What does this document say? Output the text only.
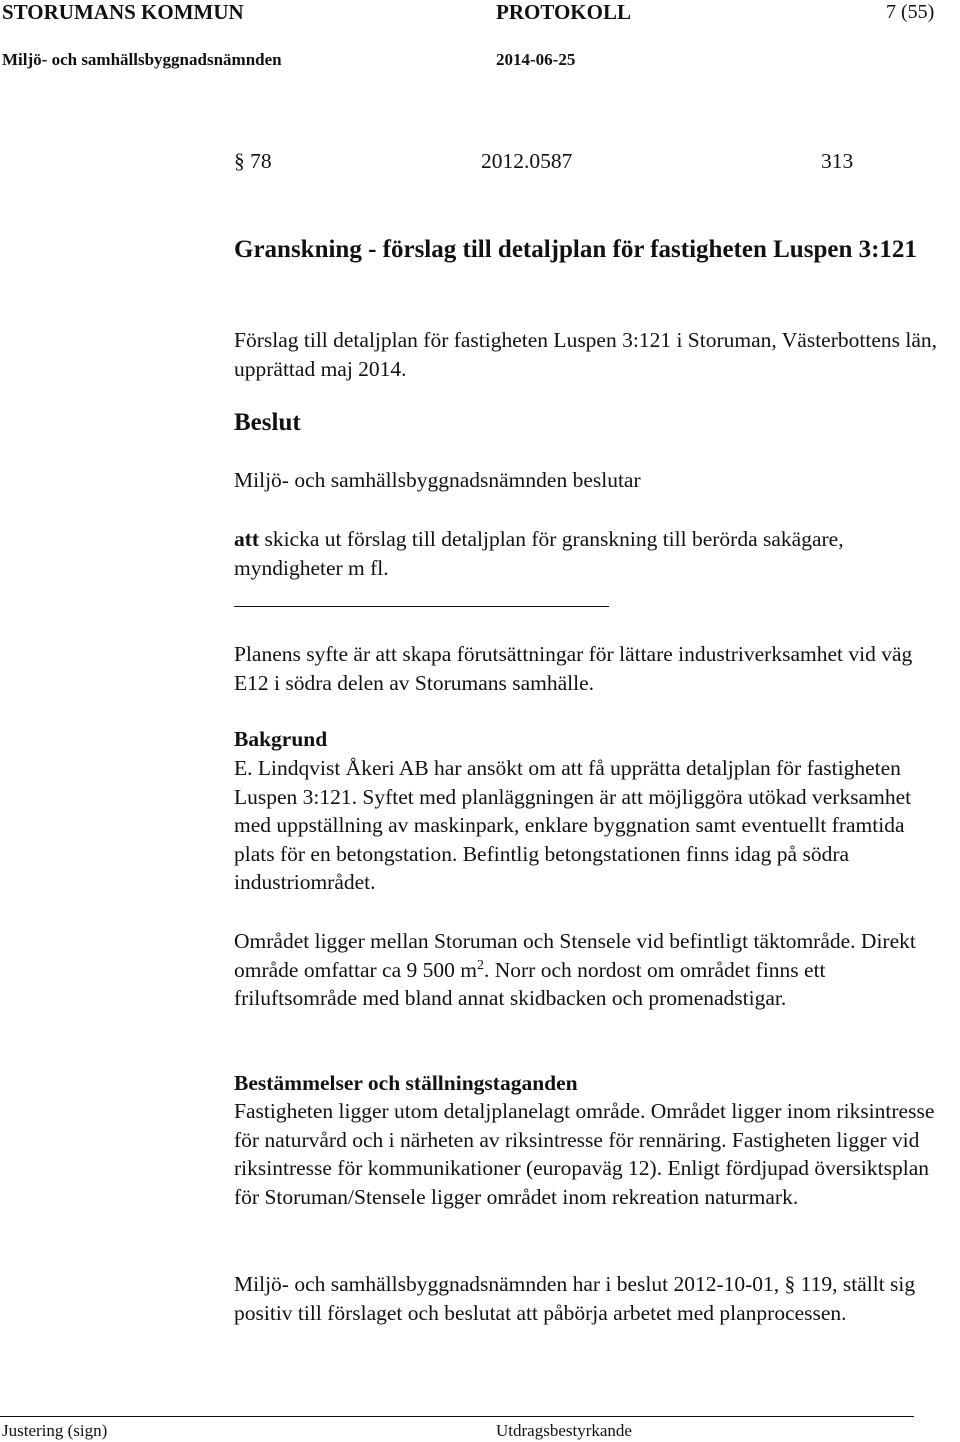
STORUMANS KOMMUN	PROTOKOLL	7 (55)
Miljö- och samhällsbyggnadsnämnden	2014-06-25
§ 78	2012.0587	313

Granskning - förslag till detaljplan för fastigheten Luspen 3:121

Förslag till detaljplan för fastigheten Luspen 3:121 i Storuman, Västerbottens län, upprättad maj 2014.

Beslut

Miljö- och samhällsbyggnadsnämnden beslutar

att skicka ut förslag till detaljplan för granskning till berörda sakägare, myndigheter m fl.

Planens syfte är att skapa förutsättningar för lättare industriverksamhet vid väg E12 i södra delen av Storumans samhälle.

Bakgrund

E. Lindqvist Åkeri AB har ansökt om att få upprätta detaljplan för fastigheten Luspen 3:121. Syftet med planläggningen är att möjliggöra utökad verksamhet med uppställning av maskinpark, enklare byggnation samt eventuellt framtida plats för en betongstation. Befintlig betongstationen finns idag på södra industriområdet.

Området ligger mellan Storuman och Stensele vid befintligt täktområde. Direkt område omfattar ca 9 500 $m^2$. Norr och nordost om området finns ett friluftsområde med bland annat skidbacken och promenadstigar.

Bestämmelser och ställningstaganden

Fastigheten ligger utom detaljplanelagt område. Området ligger inom riksintresse för naturvård och i närheten av riksintresse för rennäring. Fastigheten ligger vid riksintresse för kommunikationer (europaväg 12). Enligt fördjupad översiktsplan för Storuman/Stensele ligger området inom rekreation naturmark.

Miljö- och samhällsbyggnadsnämnden har i beslut 2012-10-01, § 119, ställt sig positiv till förslaget och beslutat att påbörja arbetet med planprocessen.

Justering (sign)	Utdragsbestyrkande
